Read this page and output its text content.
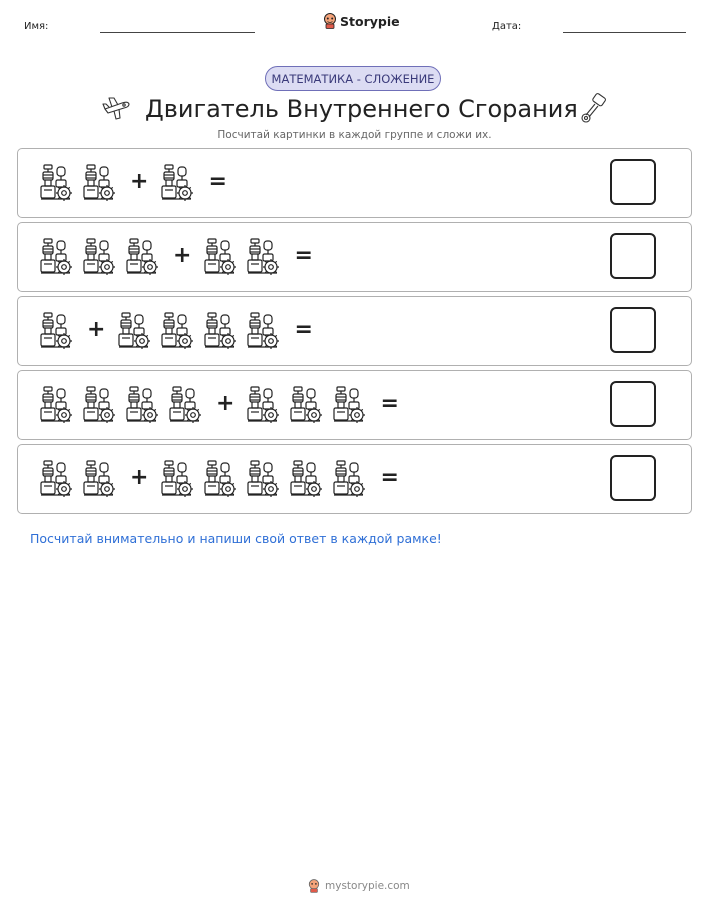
Имя:	Storypie	Дата:
МАТЕМАТИКА - СЛОЖЕНИЕ
Двигатель Внутреннего Сгорания
Посчитай картинки в каждой группе и сложи их.
+	=
+	=
+	=
+	=
+	=
Посчитай внимательно и напиши свой ответ в каждой рамке!
mystorypie.com
